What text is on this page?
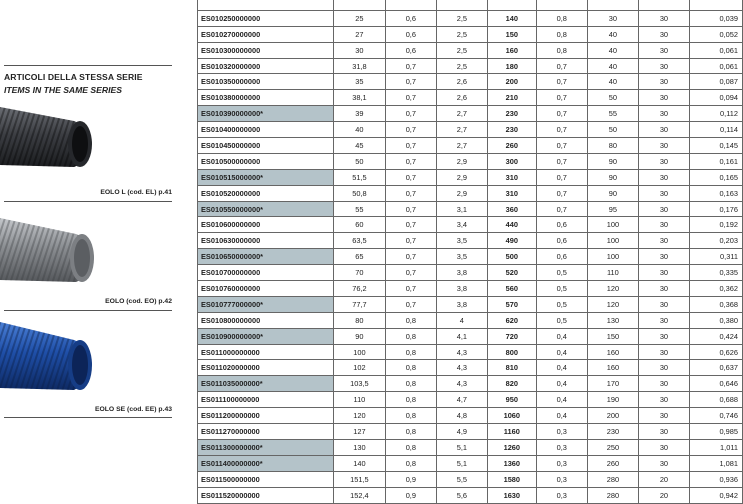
ARTICOLI DELLA STESSA SERIE
ITEMS IN THE SAME SERIES
EOLO L (cod. EL) p.41
EOLO (cod. EO) p.42
EOLO SE (cod. EE) p.43

ES010250000000	25	0,6	2,5	140	0,8	30	30	0,039
ES010270000000	27	0,6	2,5	150	0,8	40	30	0,052
ES010300000000	30	0,6	2,5	160	0,8	40	30	0,061
ES010320000000	31,8	0,7	2,5	180	0,7	40	30	0,061
ES010350000000	35	0,7	2,6	200	0,7	40	30	0,087
ES010380000000	38,1	0,7	2,6	210	0,7	50	30	0,094
ES010390000000*	39	0,7	2,7	230	0,7	55	30	0,112
ES010400000000	40	0,7	2,7	230	0,7	50	30	0,114
ES010450000000	45	0,7	2,7	260	0,7	80	30	0,145
ES010500000000	50	0,7	2,9	300	0,7	90	30	0,161
ES010515000000*	51,5	0,7	2,9	310	0,7	90	30	0,165
ES010520000000	50,8	0,7	2,9	310	0,7	90	30	0,163
ES010550000000*	55	0,7	3,1	360	0,7	95	30	0,176
ES010600000000	60	0,7	3,4	440	0,6	100	30	0,192
ES010630000000	63,5	0,7	3,5	490	0,6	100	30	0,203
ES010650000000*	65	0,7	3,5	500	0,6	100	30	0,311
ES010700000000	70	0,7	3,8	520	0,5	110	30	0,335
ES010760000000	76,2	0,7	3,8	560	0,5	120	30	0,362
ES010777000000*	77,7	0,7	3,8	570	0,5	120	30	0,368
ES010800000000	80	0,8	4	620	0,5	130	30	0,380
ES010900000000*	90	0,8	4,1	720	0,4	150	30	0,424
ES011000000000	100	0,8	4,3	800	0,4	160	30	0,626
ES011020000000	102	0,8	4,3	810	0,4	160	30	0,637
ES011035000000*	103,5	0,8	4,3	820	0,4	170	30	0,646
ES011100000000	110	0,8	4,7	950	0,4	190	30	0,688
ES011200000000	120	0,8	4,8	1060	0,4	200	30	0,746
ES011270000000	127	0,8	4,9	1160	0,3	230	30	0,985
ES011300000000*	130	0,8	5,1	1260	0,3	250	30	1,011
ES011400000000*	140	0,8	5,1	1360	0,3	260	30	1,081
ES011500000000	151,5	0,9	5,5	1580	0,3	280	20	0,936
ES011520000000	152,4	0,9	5,6	1630	0,3	280	20	0,942
